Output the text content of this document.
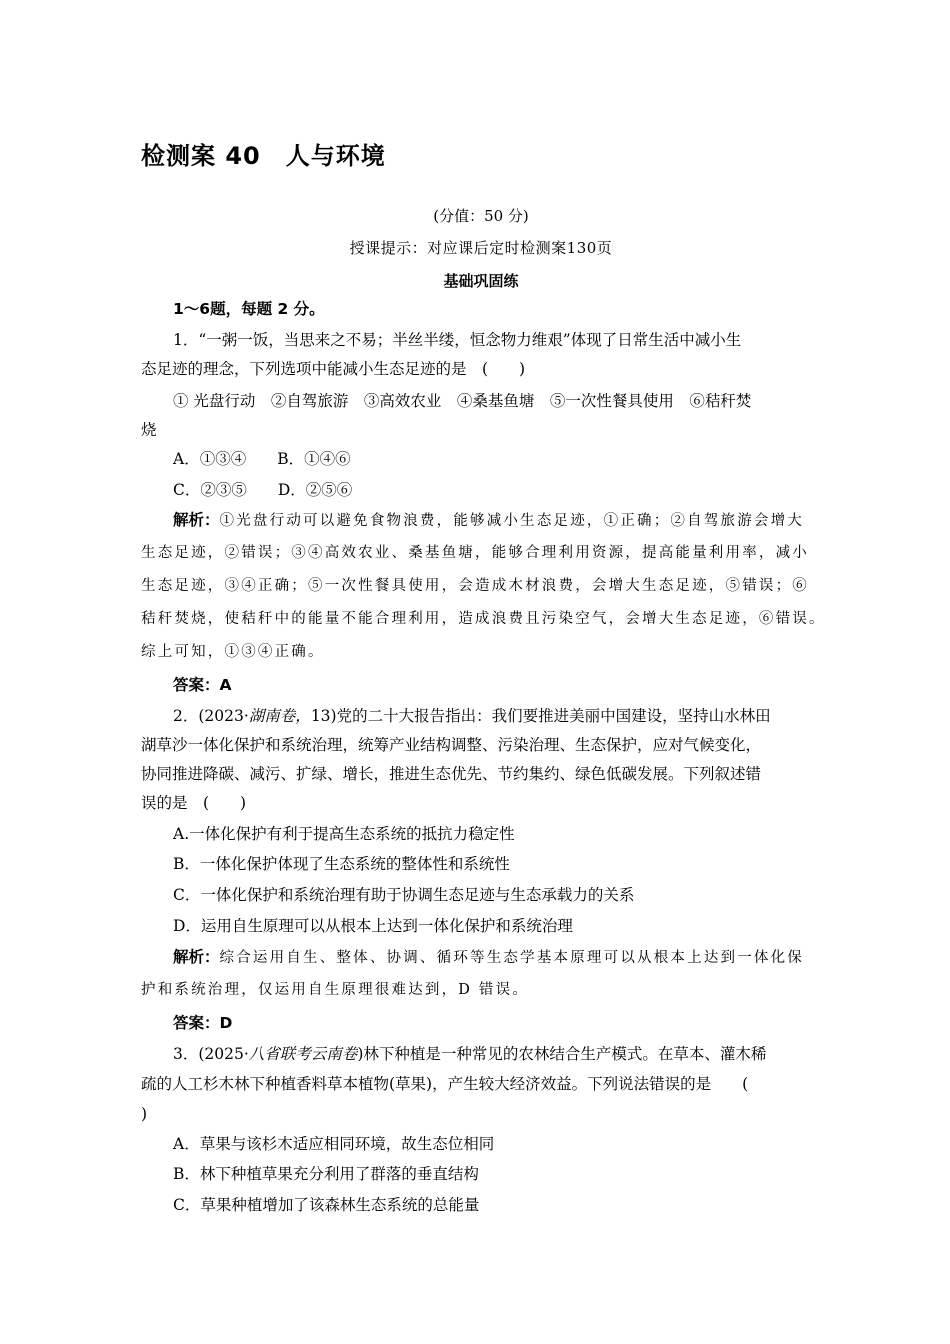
检测案 40　人与环境
(分值：50 分)
授课提示：对应课后定时检测案130页
基础巩固练
1～6题，每题 2 分。
1．“一粥一饭，当思来之不易；半丝半缕，恒念物力维艰”体现了日常生活中减小生
态足迹的理念，下列选项中能减小生态足迹的是　(　　)
① 光盘行动　②自驾旅游　③高效农业　④桑基鱼塘　⑤一次性餐具使用　⑥秸秆焚
烧
A．①③④　　B．①④⑥
C．②③⑤　　D．②⑤⑥
解析：①光盘行动可以避免食物浪费，能够减小生态足迹，①正确；②自驾旅游会增大
生态足迹，②错误；③④高效农业、桑基鱼塘，能够合理利用资源，提高能量利用率，减小
生态足迹，③④正确；⑤一次性餐具使用，会造成木材浪费，会增大生态足迹，⑤错误；⑥
秸秆焚烧，使秸秆中的能量不能合理利用，造成浪费且污染空气，会增大生态足迹，⑥错误。
综上可知，①③④正确。
答案：A
2．(2023·湖南卷，13)党的二十大报告指出：我们要推进美丽中国建设，坚持山水林田
湖草沙一体化保护和系统治理，统筹产业结构调整、污染治理、生态保护，应对气候变化，
协同推进降碳、减污、扩绿、增长，推进生态优先、节约集约、绿色低碳发展。下列叙述错
误的是　(　　)
A.一体化保护有利于提高生态系统的抵抗力稳定性
B．一体化保护体现了生态系统的整体性和系统性
C．一体化保护和系统治理有助于协调生态足迹与生态承载力的关系
D．运用自生原理可以从根本上达到一体化保护和系统治理
解析：综合运用自生、整体、协调、循环等生态学基本原理可以从根本上达到一体化保
护和系统治理，仅运用自生原理很难达到，D 错误。
答案：D
3．(2025·八省联考云南卷)林下种植是一种常见的农林结合生产模式。在草本、灌木稀
疏的人工杉木林下种植香料草本植物(草果)，产生较大经济效益。下列说法错误的是　　(
)
A．草果与该杉木适应相同环境，故生态位相同
B．林下种植草果充分利用了群落的垂直结构
C．草果种植增加了该森林生态系统的总能量
